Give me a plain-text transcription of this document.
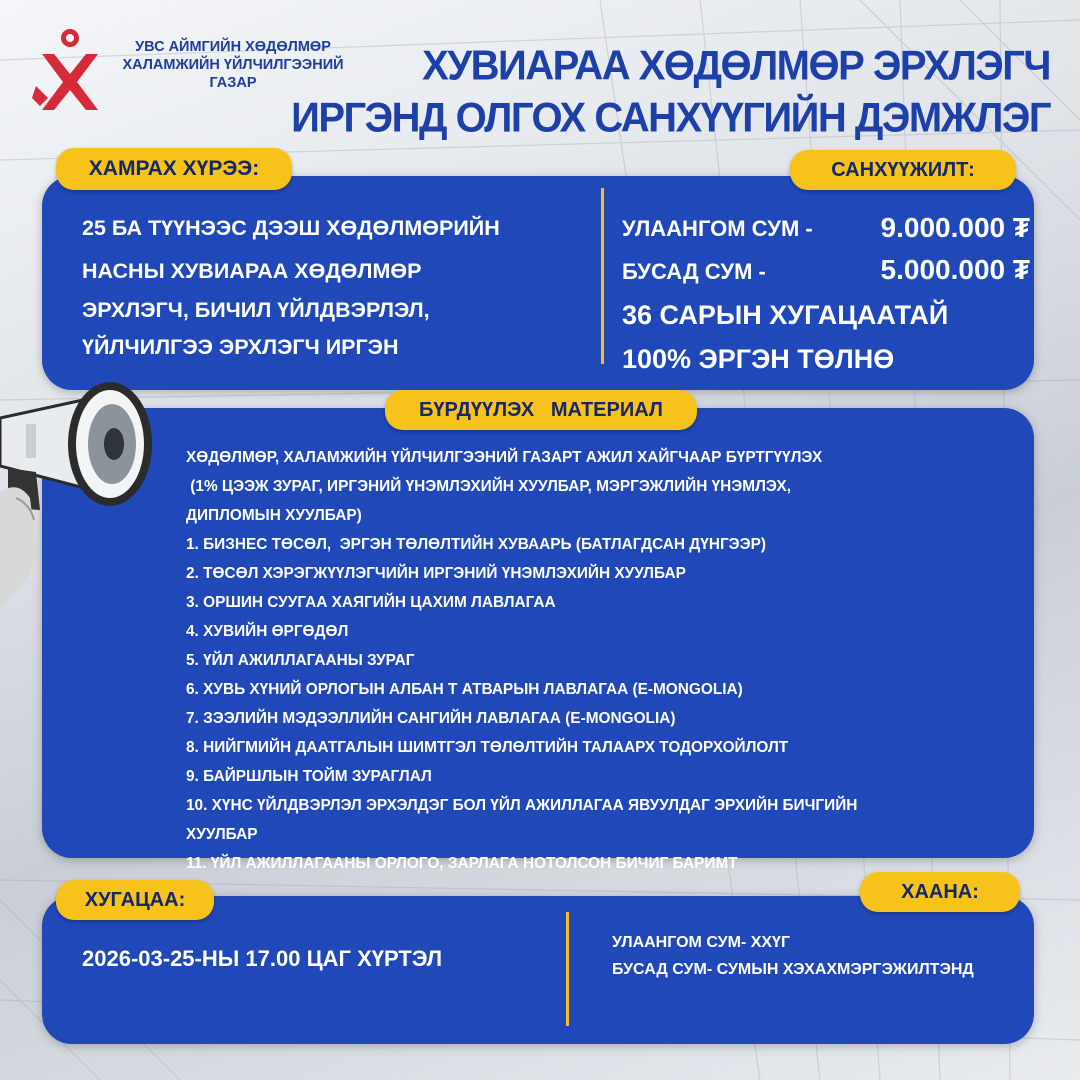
УВС АЙМГИЙН ХӨДӨЛМӨР
ХАЛАМЖИЙН ҮЙЛЧИЛГЭЭНИЙ
ГАЗАР	ХУВИАРАА ХӨДӨЛМӨР ЭРХЛЭГЧ
ИРГЭНД ОЛГОХ САНХҮҮГИЙН ДЭМЖЛЭГ
ХАМРАХ ХҮРЭЭ:	САНХҮҮЖИЛТ:
25 БА ТҮҮНЭЭС ДЭЭШ ХӨДӨЛМӨРИЙН
НАСНЫ ХУВИАРАА ХӨДӨЛМӨР
ЭРХЛЭГЧ, БИЧИЛ ҮЙЛДВЭРЛЭЛ,
ҮЙЛЧИЛГЭЭ ЭРХЛЭГЧ ИРГЭН
УЛААНГОМ СУМ - 9.000.000 ₮
БУСАД СУМ -	5.000.000 ₮
36 САРЫН ХУГАЦААТАЙ
100% ЭРГЭН ТӨЛНӨ
БҮРДҮҮЛЭХ   МАТЕРИАЛ
ХӨДӨЛМӨР, ХАЛАМЖИЙН ҮЙЛЧИЛГЭЭНИЙ ГАЗАРТ АЖИЛ ХАЙГЧААР БҮРТГҮҮЛЭХ
(1% ЦЭЭЖ ЗУРАГ, ИРГЭНИЙ ҮНЭМЛЭХИЙН ХУУЛБАР, МЭРГЭЖЛИЙН ҮНЭМЛЭХ,
ДИПЛОМЫН ХУУЛБАР)
1. БИЗНЕС ТӨСӨЛ,  ЭРГЭН ТӨЛӨЛТИЙН ХУВААРЬ (БАТЛАГДСАН ДҮНГЭЭР)
2. ТӨСӨЛ ХЭРЭГЖҮҮЛЭГЧИЙН ИРГЭНИЙ ҮНЭМЛЭХИЙН ХУУЛБАР
3. ОРШИН СУУГАА ХАЯГИЙН ЦАХИМ ЛАВЛАГАА
4. ХУВИЙН ӨРГӨДӨЛ
5. ҮЙЛ АЖИЛЛАГААНЫ ЗУРАГ
6. ХУВЬ ХҮНИЙ ОРЛОГЫН АЛБАН Т АТВАРЫН ЛАВЛАГАА (E-MONGOLIA)
7. ЗЭЭЛИЙН МЭДЭЭЛЛИЙН САНГИЙН ЛАВЛАГАА (E-MONGOLIA)
8. НИЙГМИЙН ДААТГАЛЫН ШИМТГЭЛ ТӨЛӨЛТИЙН ТАЛААРХ ТОДОРХОЙЛОЛТ
9. БАЙРШЛЫН ТОЙМ ЗУРАГЛАЛ
10. ХҮНС ҮЙЛДВЭРЛЭЛ ЭРХЭЛДЭГ БОЛ ҮЙЛ АЖИЛЛАГАА ЯВУУЛДАГ ЭРХИЙН БИЧГИЙН
ХУУЛБАР
11. ҮЙЛ АЖИЛЛАГААНЫ ОРЛОГО, ЗАРЛАГА НОТОЛСОН БИЧИГ БАРИМТ
ХУГАЦАА:	ХААНА:
2026-03-25-НЫ 17.00 ЦАГ ХҮРТЭЛ
УЛААНГОМ СУМ- ХХҮГ
БУСАД СУМ- СУМЫН ХЭХАХМЭРГЭЖИЛТЭНД
